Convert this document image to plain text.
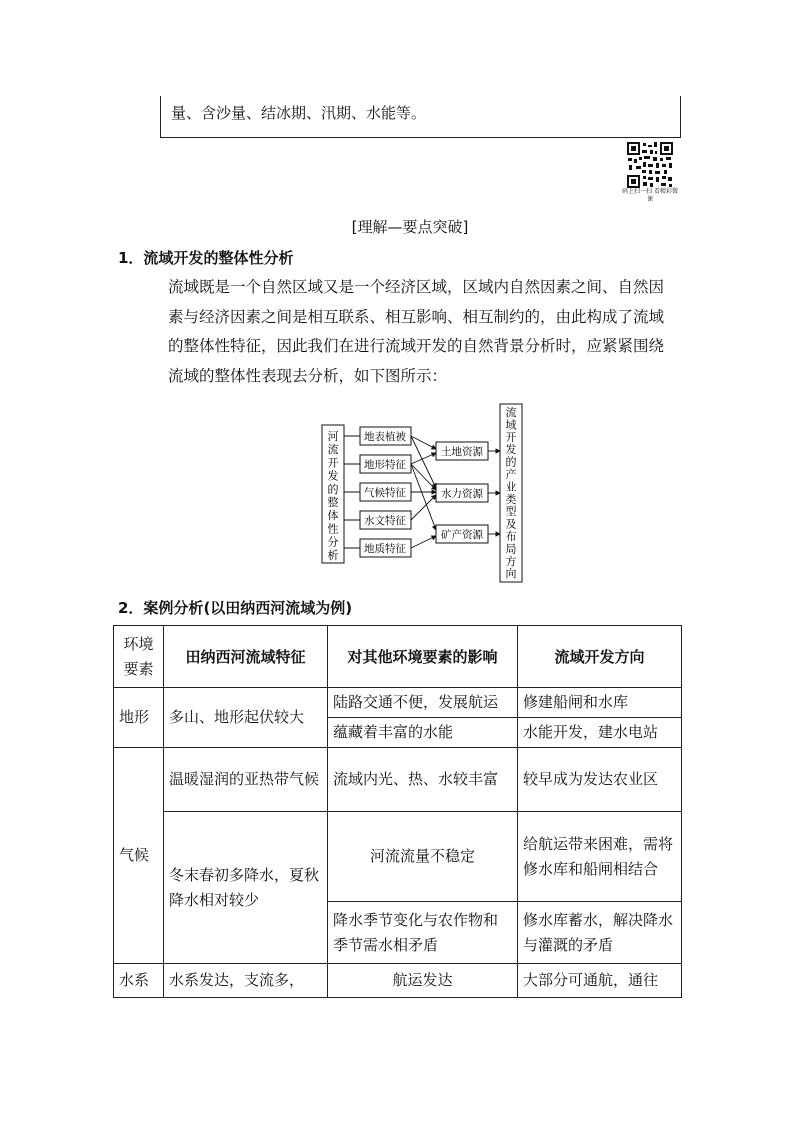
量、含沙量、结冰期、汛期、水能等。
码上扫一扫 看精彩微课
[理解—要点突破]
1．流域开发的整体性分析
流域既是一个自然区域又是一个经济区域，区域内自然因素之间、自然因
素与经济因素之间是相互联系、相互影响、相互制约的，由此构成了流域
的整体性特征，因此我们在进行流域开发的自然背景分析时，应紧紧围绕
流域的整体性表现去分析，如下图所示：
河流开发的整体性分析
地表植被
地形特征
气候特征
水文特征
地质特征
土地资源
水力资源
矿产资源
流域开发的产业类型及布局方向
2．案例分析(以田纳西河流域为例)
环境要素	田纳西河流域特征	对其他环境要素的影响	流域开发方向
地形	多山、地形起伏较大	陆路交通不便，发展航运	修建船闸和水库
		蕴藏着丰富的水能	水能开发，建水电站
气候	温暖湿润的亚热带气候	流域内光、热、水较丰富	较早成为发达农业区
	冬末春初多降水，夏秋降水相对较少	河流流量不稳定	给航运带来困难，需将修水库和船闸相结合
		降水季节变化与农作物和季节需水相矛盾	修水库蓄水，解决降水与灌溉的矛盾
水系	水系发达，支流多，	航运发达	大部分可通航，通往
